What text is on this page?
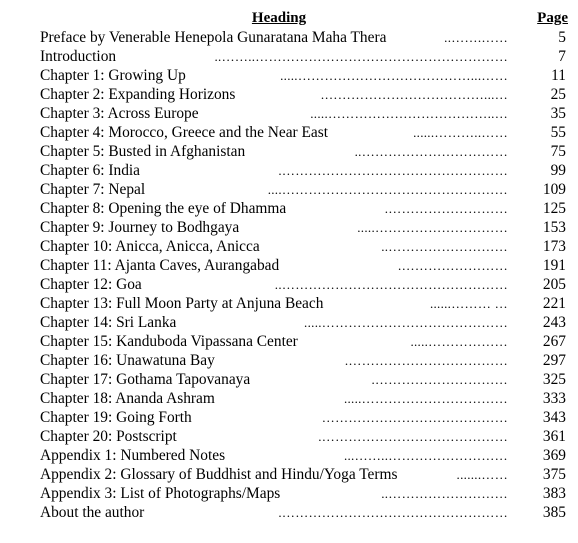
Heading	Page
Preface by Venerable Henepola Gunaratana Maha Thera	…….……..	5
Introduction	…………………………………………………..……..	7
Chapter 1: Growing Up	……...………………………………….....	11
Chapter 2: Expanding Horizons	…...……………………………….	25
Chapter 3: Across Europe	…..……………………………….....	35
Chapter 4: Morocco, Greece and the Near East	……..………......	55
Chapter 5: Busted in Afghanistan	……………………………..	75
Chapter 6: India	…………………………………………….	99
Chapter 7: Nepal	……………………………………………....	109
Chapter 8: Opening the eye of Dhamma	……………………….	125
Chapter 9: Journey to Bodhgaya	………………………….....	153
Chapter 10: Anicca, Anicca, Anicca	………………………..	173
Chapter 11: Ajanta Caves, Aurangabad	…………………….	191
Chapter 12: Goa	……………………………………………..	205
Chapter 13: Full Moon Party at Anjuna Beach	… ………......	221
Chapter 14: Sri Lanka	…………………………………….....	243
Chapter 15: Kanduboda Vipassana Center	……………….....	267
Chapter 16: Unawatuna Bay	……………………………….	297
Chapter 17: Gothama Tapovanaya	………………………….	325
Chapter 18: Ananda Ashram	…………………………….....	333
Chapter 19: Going Forth	……………………………………	343
Chapter 20: Postscript	…………………………………….	361
Appendix 1: Numbered Notes	………………………..……...	369
Appendix 2: Glossary of Buddhist and Hindu/Yoga Terms	…….......	375
Appendix 3: List of Photographs/Maps	………………………..	383
About the author	…………………………………………….	385
